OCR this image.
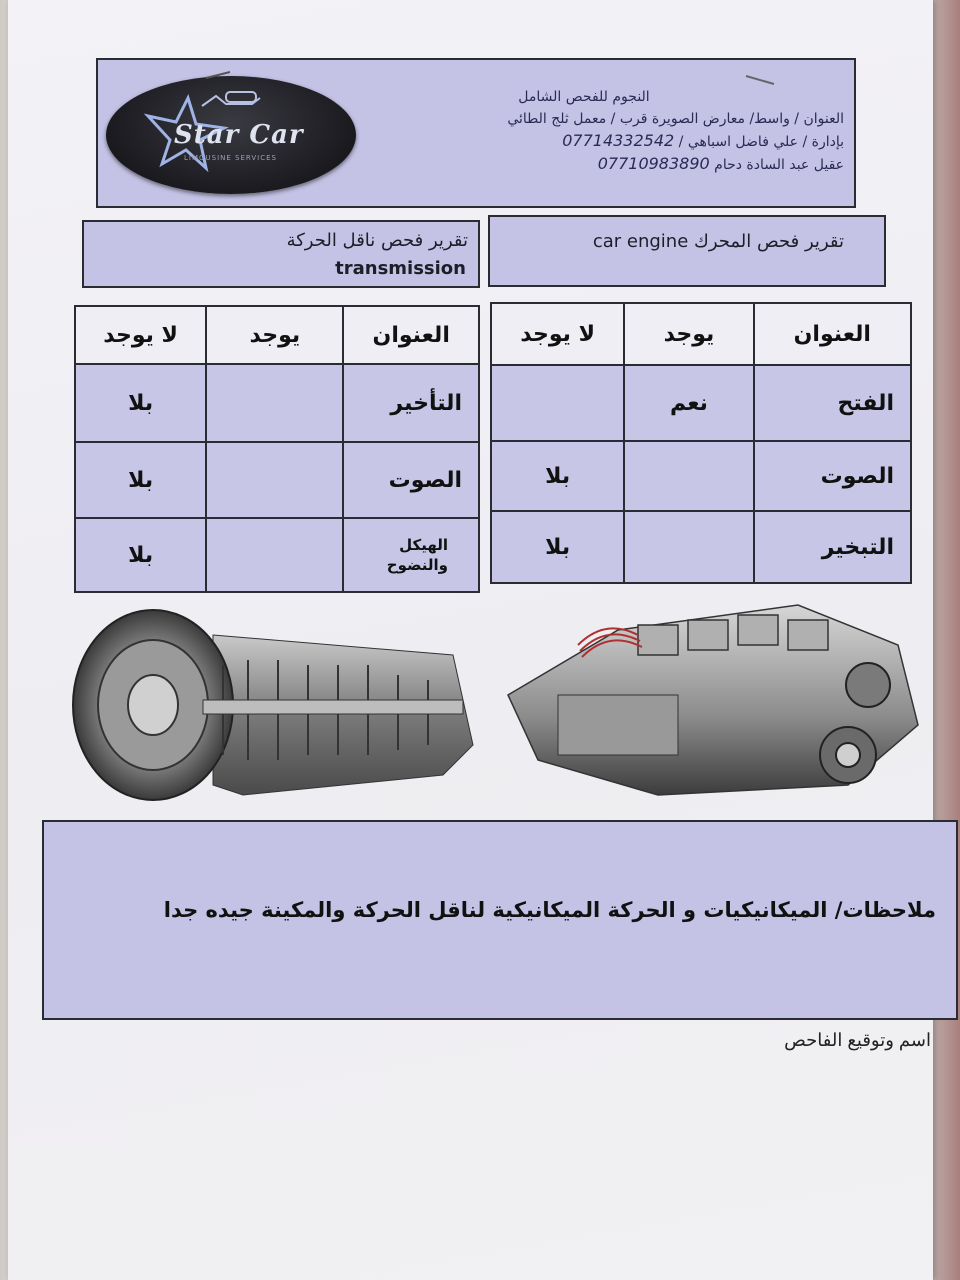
Star Car
LIMOUSINE SERVICES
النجوم للفحص الشامل
العنوان / واسط/ معارض الصويرة قرب / معمل ثلج الطائي
بإدارة / علي فاضل اسباهي / 07714332542
عقيل عبد السادة دحام 07710983890
تقرير فحص ناقل الحركة
transmission
تقرير فحص المحرك car engine
العنوان	يوجد	لا يوجد
التأخير		بلا
الصوت		بلا
الهيكل والنضوح		بلا
العنوان	يوجد	لا يوجد
الفتح	نعم	
الصوت		بلا
التبخير		بلا
ملاحظات/ الميكانيكيات و الحركة الميكانيكية لناقل الحركة والمكينة جيده جدا
اسم وتوقيع الفاحص
